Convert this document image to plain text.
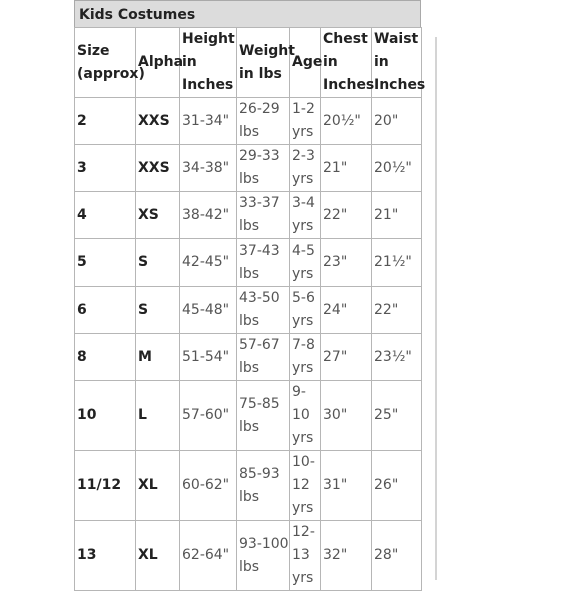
Kids Costumes
Size (approx)	Alpha	Height in Inches	Weight in lbs	Age	Chest in Inches	Waist in Inches
2	XXS	31-34"	26-29 lbs	1-2 yrs	20½"	20"
3	XXS	34-38"	29-33 lbs	2-3 yrs	21"	20½"
4	XS	38-42"	33-37 lbs	3-4 yrs	22"	21"
5	S	42-45"	37-43 lbs	4-5 yrs	23"	21½"
6	S	45-48"	43-50 lbs	5-6 yrs	24"	22"
8	M	51-54"	57-67 lbs	7-8 yrs	27"	23½"
10	L	57-60"	75-85 lbs	9-10 yrs	30"	25"
11/12	XL	60-62"	85-93 lbs	10-12 yrs	31"	26"
13	XL	62-64"	93-100 lbs	12-13 yrs	32"	28"
